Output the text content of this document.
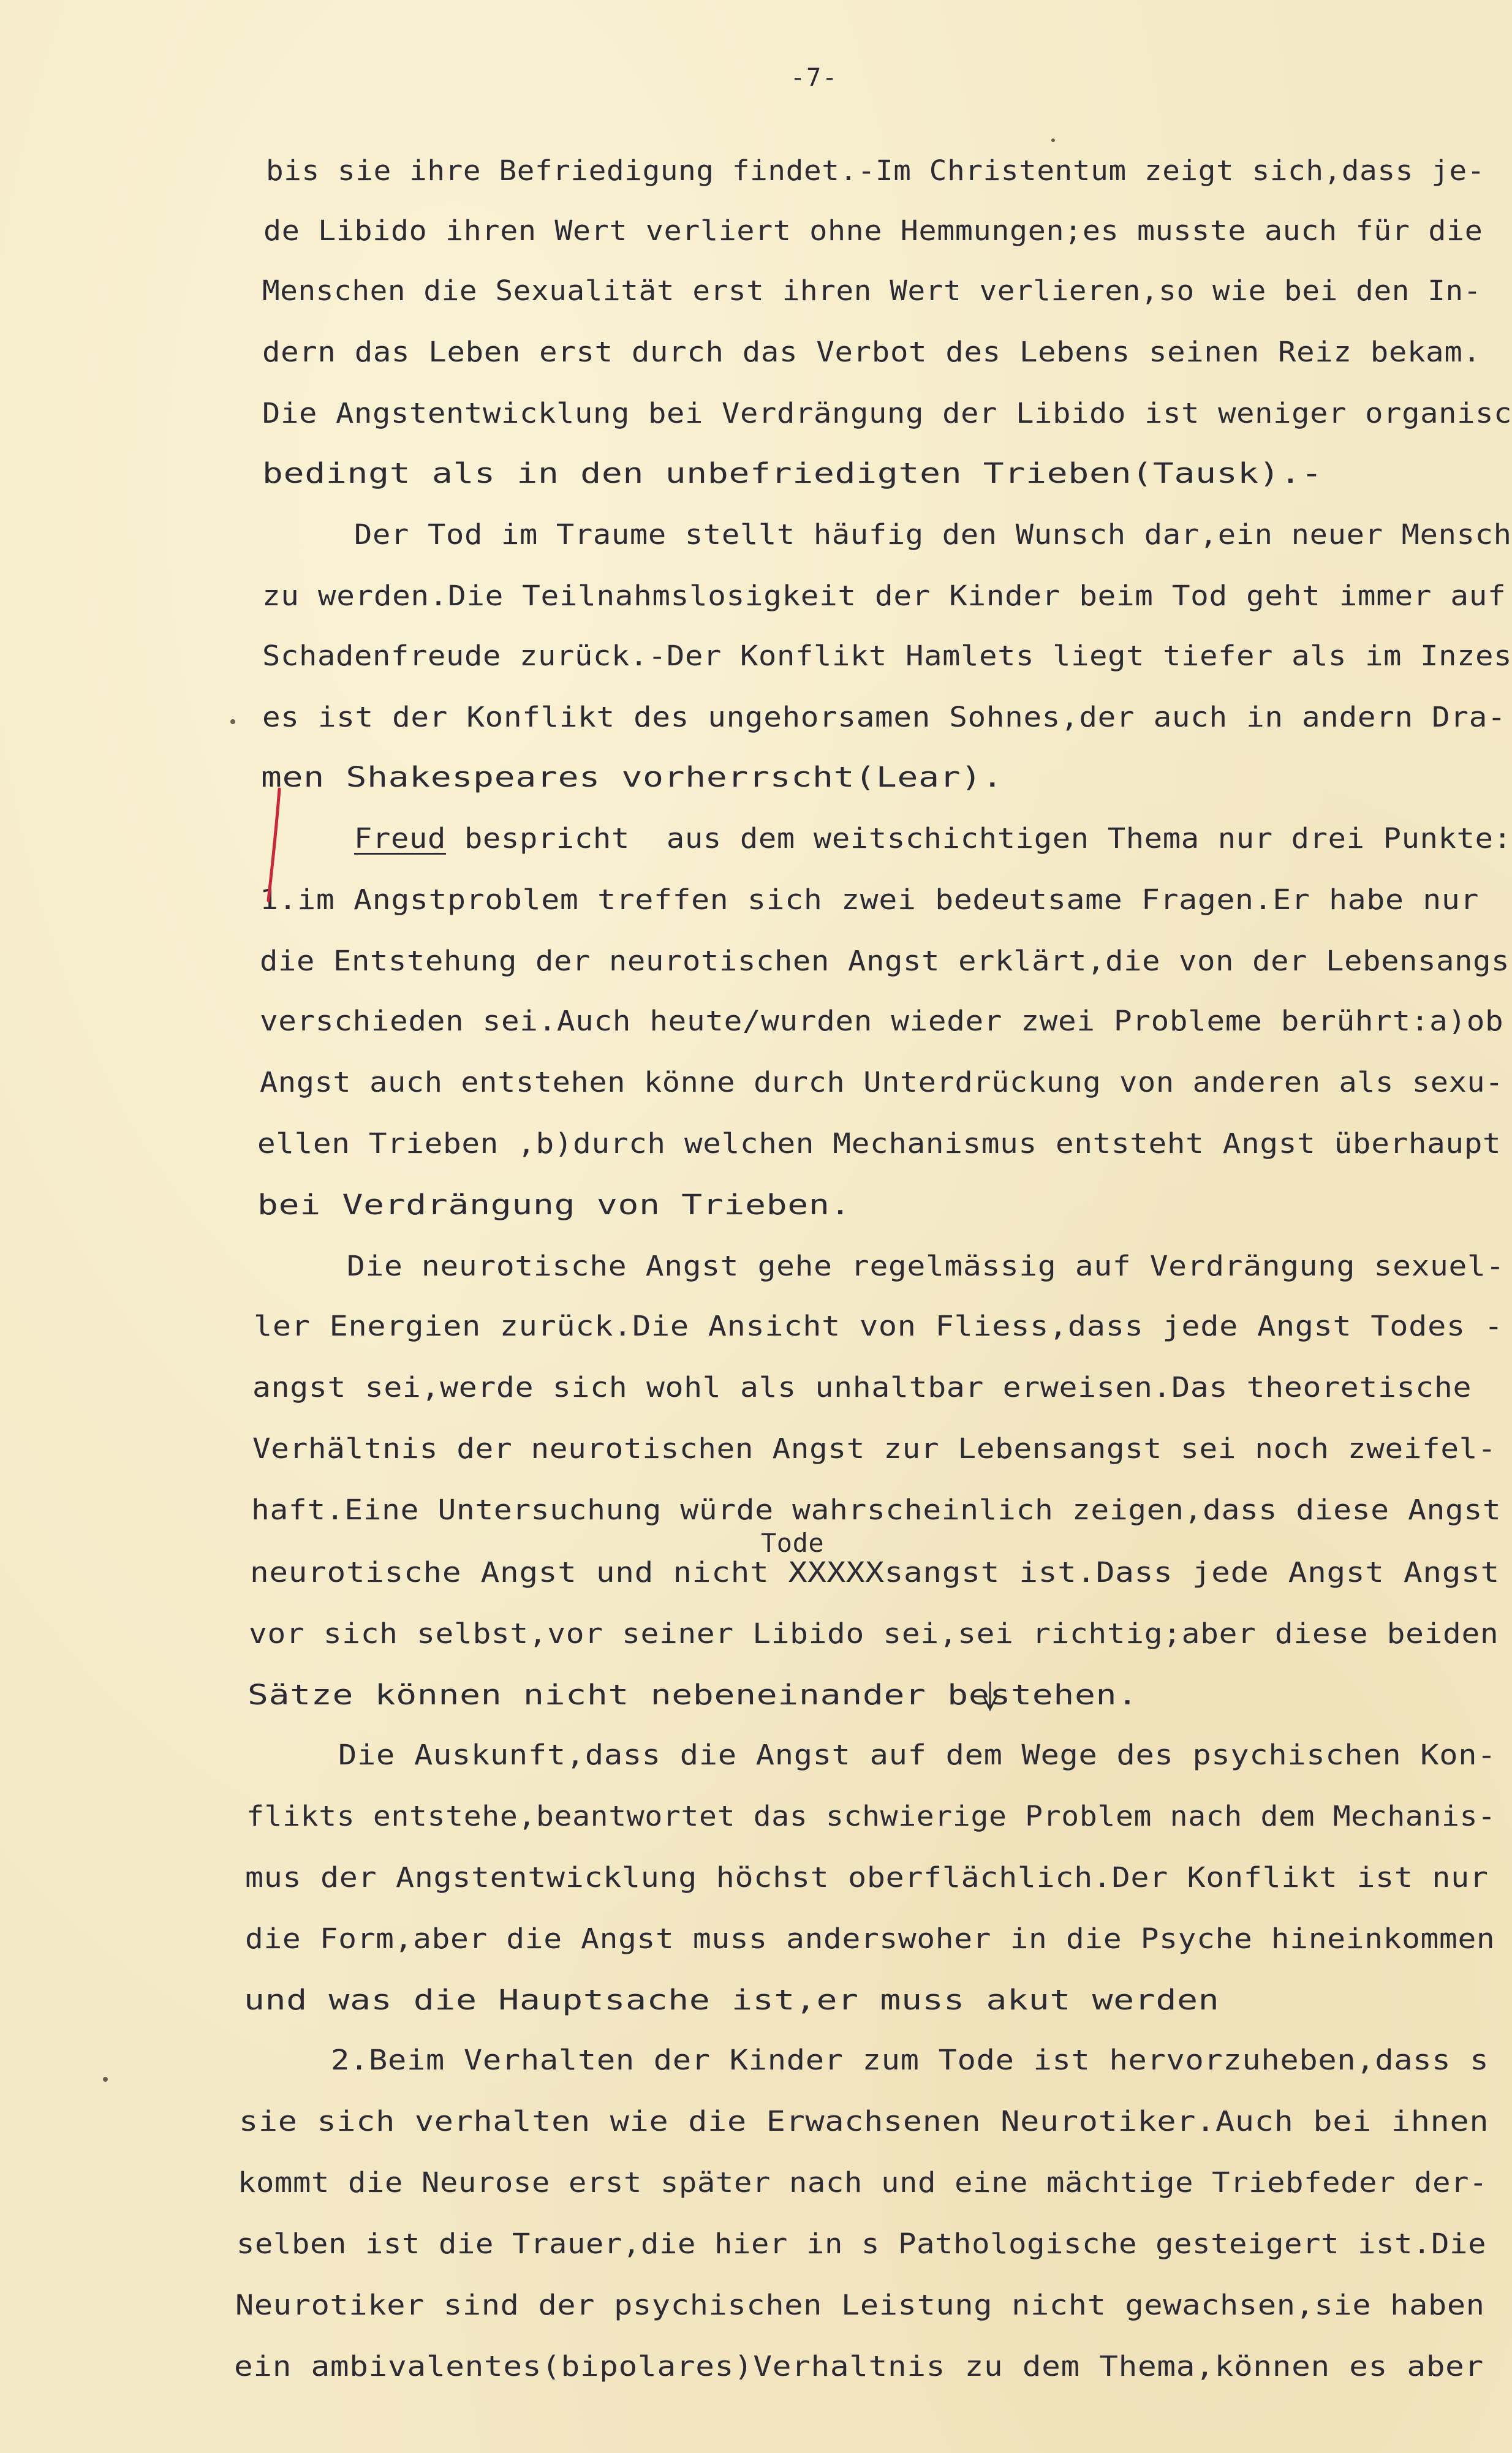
-7-
bis sie ihre Befriedigung findet.-Im Christentum zeigt sich,dass je-
de Libido ihren Wert verliert ohne Hemmungen;es musste auch für die
Menschen die Sexualität erst ihren Wert verlieren,so wie bei den In-
dern das Leben erst durch das Verbot des Lebens seinen Reiz bekam.
Die Angstentwicklung bei Verdrängung der Libido ist weniger organisc
bedingt als in den unbefriedigten Trieben(Tausk).-
Der Tod im Traume stellt häufig den Wunsch dar,ein neuer Mensch
zu werden.Die Teilnahmslosigkeit der Kinder beim Tod geht immer auf
Schadenfreude zurück.-Der Konflikt Hamlets liegt tiefer als im Inzes
es ist der Konflikt des ungehorsamen Sohnes,der auch in andern Dra-
men Shakespeares vorherrscht(Lear).
Freud bespricht  aus dem weitschichtigen Thema nur drei Punkte:
1.im Angstproblem treffen sich zwei bedeutsame Fragen.Er habe nur
die Entstehung der neurotischen Angst erklärt,die von der Lebensangs
verschieden sei.Auch heute/wurden wieder zwei Probleme berührt:a)ob
Angst auch entstehen könne durch Unterdrückung von anderen als sexu-
ellen Trieben ,b)durch welchen Mechanismus entsteht Angst überhaupt
bei Verdrängung von Trieben.
Die neurotische Angst gehe regelmässig auf Verdrängung sexuel-
ler Energien zurück.Die Ansicht von Fliess,dass jede Angst Todes -
angst sei,werde sich wohl als unhaltbar erweisen.Das theoretische
Verhältnis der neurotischen Angst zur Lebensangst sei noch zweifel-
haft.Eine Untersuchung würde wahrscheinlich zeigen,dass diese Angst
Tode
neurotische Angst und nicht XXXXXsangst ist.Dass jede Angst Angst
vor sich selbst,vor seiner Libido sei,sei richtig;aber diese beiden
Sätze können nicht nebeneinander bestehen.
Die Auskunft,dass die Angst auf dem Wege des psychischen Kon-
flikts entstehe,beantwortet das schwierige Problem nach dem Mechanis-
mus der Angstentwicklung höchst oberflächlich.Der Konflikt ist nur
die Form,aber die Angst muss anderswoher in die Psyche hineinkommen
und was die Hauptsache ist,er muss akut werden
2.Beim Verhalten der Kinder zum Tode ist hervorzuheben,dass s
sie sich verhalten wie die Erwachsenen Neurotiker.Auch bei ihnen
kommt die Neurose erst später nach und eine mächtige Triebfeder der-
selben ist die Trauer,die hier in s Pathologische gesteigert ist.Die
Neurotiker sind der psychischen Leistung nicht gewachsen,sie haben
ein ambivalentes(bipolares)Verhaltnis zu dem Thema,können es aber
